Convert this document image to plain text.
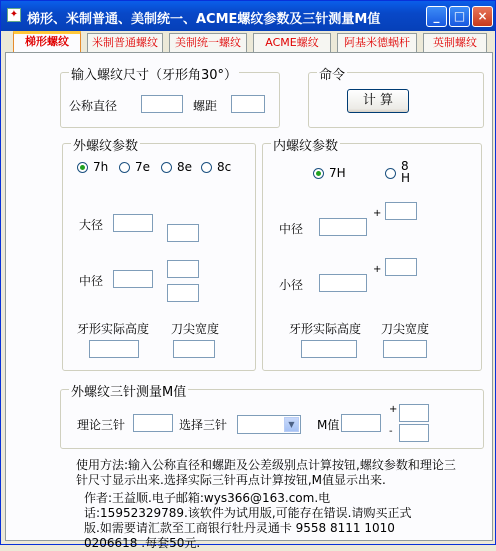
✦ 梯形、米制普通、美制统一、ACME螺纹参数及三针测量M值	_	□	×
梯形螺纹	米制普通螺纹	美制统一螺纹	ACME螺纹	阿基米德蜗杆	英制螺纹
输入螺纹尺寸（牙形角30°）
公称直径	螺距
命令
计 算
外螺纹参数
7h 7e 8e 8c
大径
中径
牙形实际高度 刀尖宽度
内螺纹参数
7H	8H
中径
+
小径
+
牙形实际高度 刀尖宽度
外螺纹三针测量M值
理论三针	选择三针	▼	M值
+
-
使用方法:输入公称直径和螺距及公差级别点计算按钮,螺纹参数和理论三针尺寸显示出来.选择实际三针再点计算按钮,M值显示出来.
作者:王益顺.电子邮箱:wys366@163.com.电话:15952329789.该软件为试用版,可能存在错误.请购买正式版.如需要请汇款至工商银行牡丹灵通卡 9558 8111 1010 0206618 .每套50元.
